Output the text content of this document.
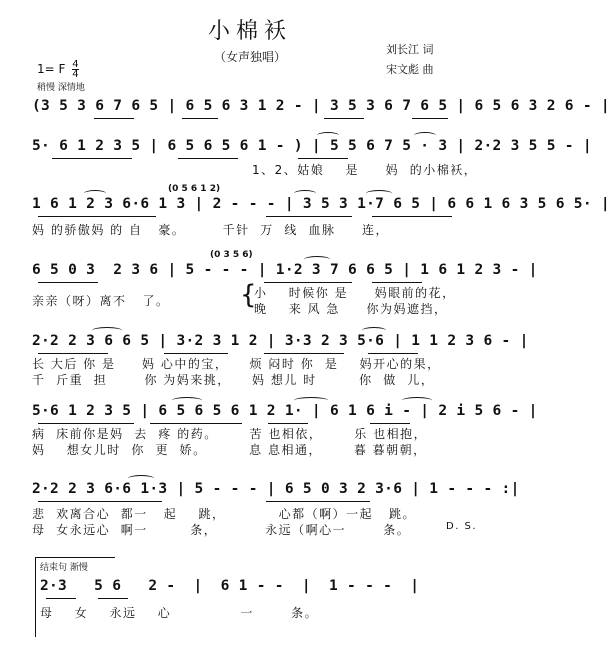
小棉袄
（女声独唱）
刘长江 词
宋文彪 曲
1= F $\frac{4}{4}$
稍慢 深情地
(3 5 3 6 7 6 5 | 6 5 6 3 1 2 - | 3 5 3 6 7 6 5 | 6 5 6 3 2 6 - |
5· 6 1 2 3 5 | 6 5 6 5 6 1 - ) | 5 5 6 7 5 · 3 | 2·2 3 5 5 - |
1、2、姑娘    是     妈  的小棉袄，
(0 5 6 1 2)
1 6 1 2 3 6·6 1 3 | 2 - - - | 3 5 3 1·7 6 5 | 6 6 1 6 3 5 6 5· |
妈 的骄傲妈 的 自   豪。       千针  万  线  血脉     连，
(0 3 5 6)
6 5 0 3  2 3 6 | 5 - - - | 1·2 3 7 6 6 5 | 1 6 1 2 3 - |
亲亲（呀）离不   了。	{
小    时候你 是     妈眼前的花，
晚    来 风 急     你为妈遮挡，
2·2 2 3 6 6 5 | 3·2 3 1 2 | 3·3 2 3 5·6 | 1 1 2 3 6 - |
长 大后 你 是     妈 心中的宝，    烦 闷时 你  是    妈开心的果，
千  斤重  担       你 为妈来挑，    妈 想儿 时        你  做  儿，
5·6 1 2 3 5 | 6 5 6 5 6 1 2 1· | 6 1 6 i - | 2 i 5 6 - |
病  床前你是妈  去  疼 的药。      苦 也相依，      乐 也相抱，
妈    想女儿时  你  更  娇。        息 息相通，      暮 暮朝朝，
2·2 2 3 6·6 1·3 | 5 - - - | 6 5 0 3 2 3·6 | 1 - - - :|
悲  欢离合心  都一   起    跳，          心都（啊）一起   跳。
母  女永远心  啊一        条，         永远（啊心一       条。	D. S.
结束句 渐慢
2·3   5 6   2 -  |  6 1 - -  |  1 - - -  |
母    女    永远    心             一       条。
